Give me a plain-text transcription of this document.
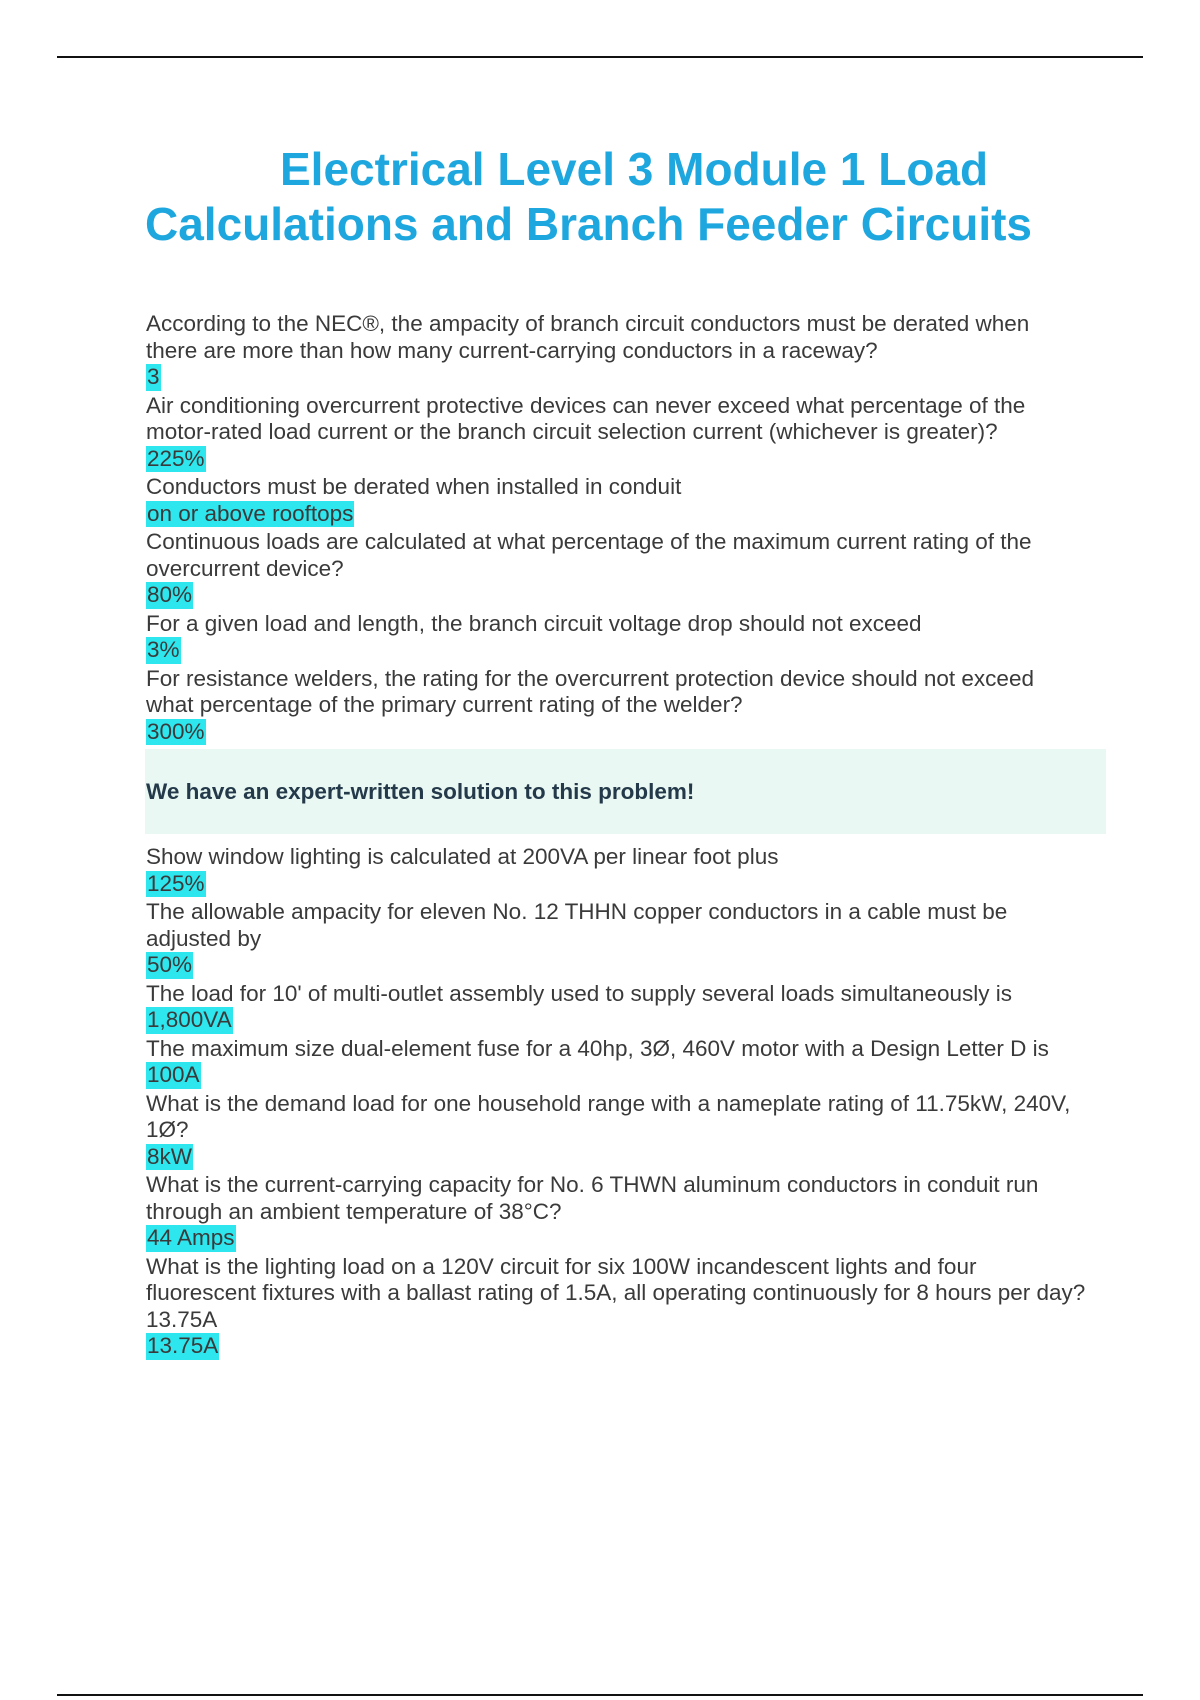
Electrical Level 3 Module 1 Load
Calculations and Branch Feeder Circuits
According to the NEC®, the ampacity of branch circuit conductors must be derated when there are more than how many current-carrying conductors in a raceway?
3
Air conditioning overcurrent protective devices can never exceed what percentage of the motor-rated load current or the branch circuit selection current (whichever is greater)?
225%
Conductors must be derated when installed in conduit
on or above rooftops
Continuous loads are calculated at what percentage of the maximum current rating of the overcurrent device?
80%
For a given load and length, the branch circuit voltage drop should not exceed
3%
For resistance welders, the rating for the overcurrent protection device should not exceed what percentage of the primary current rating of the welder?
300%
We have an expert-written solution to this problem!
Show window lighting is calculated at 200VA per linear foot plus
125%
The allowable ampacity for eleven No. 12 THHN copper conductors in a cable must be adjusted by
50%
The load for 10' of multi-outlet assembly used to supply several loads simultaneously is
1,800VA
The maximum size dual-element fuse for a 40hp, 3Ø, 460V motor with a Design Letter D is
100A
What is the demand load for one household range with a nameplate rating of 11.75kW, 240V, 1Ø?
8kW
What is the current-carrying capacity for No. 6 THWN aluminum conductors in conduit run through an ambient temperature of 38°C?
44 Amps
What is the lighting load on a 120V circuit for six 100W incandescent lights and four fluorescent fixtures with a ballast rating of 1.5A, all operating continuously for 8 hours per day? 13.75A
13.75A
